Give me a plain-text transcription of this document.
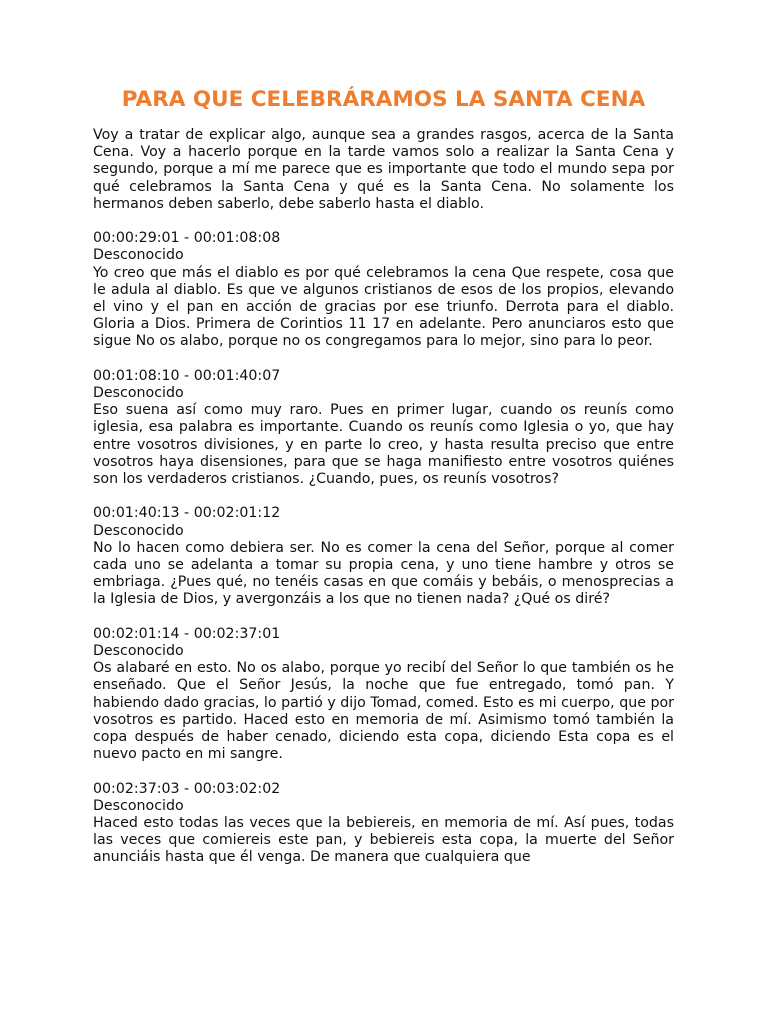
PARA QUE CELEBRÁRAMOS LA SANTA CENA

Voy a tratar de explicar algo, aunque sea a grandes rasgos, acerca de la Santa Cena. Voy a hacerlo porque en la tarde vamos solo a realizar la Santa Cena y segundo, porque a mí me parece que es importante que todo el mundo sepa por qué celebramos la Santa Cena y qué es la Santa Cena. No solamente los hermanos deben saberlo, debe saberlo hasta el diablo.

00:00:29:01 - 00:01:08:08

Desconocido

Yo creo que más el diablo es por qué celebramos la cena Que respete, cosa que le adula al diablo. Es que ve algunos cristianos de esos de los propios, elevando el vino y el pan en acción de gracias por ese triunfo. Derrota para el diablo. Gloria a Dios. Primera de Corintios 11 17 en adelante. Pero anunciaros esto que sigue No os alabo, porque no os congregamos para lo mejor, sino para lo peor.

00:01:08:10 - 00:01:40:07

Desconocido

Eso suena así como muy raro. Pues en primer lugar, cuando os reunís como iglesia, esa palabra es importante. Cuando os reunís como Iglesia o yo, que hay entre vosotros divisiones, y en parte lo creo, y hasta resulta preciso que entre vosotros haya disensiones, para que se haga manifiesto entre vosotros quiénes son los verdaderos cristianos. ¿Cuando, pues, os reunís vosotros?

00:01:40:13 - 00:02:01:12

Desconocido

No lo hacen como debiera ser. No es comer la cena del Señor, porque al comer cada uno se adelanta a tomar su propia cena, y uno tiene hambre y otros se embriaga. ¿Pues qué, no tenéis casas en que comáis y bebáis, o menosprecias a la Iglesia de Dios, y avergonzáis a los que no tienen nada? ¿Qué os diré?

00:02:01:14 - 00:02:37:01

Desconocido

Os alabaré en esto. No os alabo, porque yo recibí del Señor lo que también os he enseñado. Que el Señor Jesús, la noche que fue entregado, tomó pan. Y habiendo dado gracias, lo partió y dijo Tomad, comed. Esto es mi cuerpo, que por vosotros es partido. Haced esto en memoria de mí. Asimismo tomó también la copa después de haber cenado, diciendo esta copa, diciendo Esta copa es el nuevo pacto en mi sangre.

00:02:37:03 - 00:03:02:02

Desconocido

Haced esto todas las veces que la bebiereis, en memoria de mí. Así pues, todas las veces que comiereis este pan, y bebiereis esta copa, la muerte del Señor anunciáis hasta que él venga. De manera que cualquiera que
